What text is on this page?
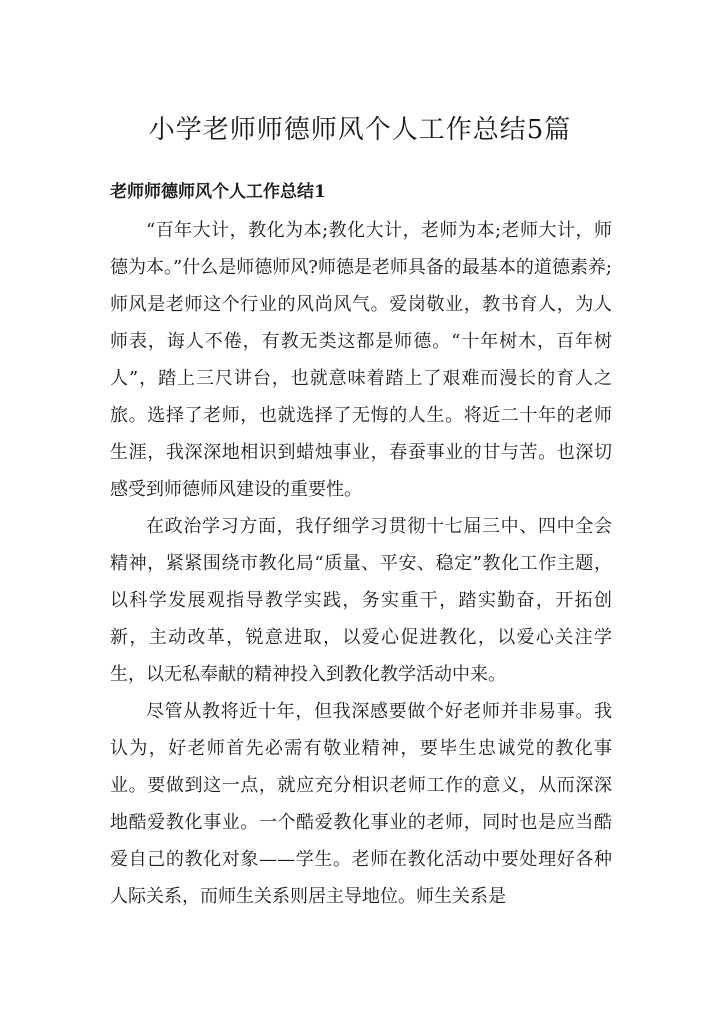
小学老师师德师风个人工作总结5篇
老师师德师风个人工作总结1

“百年大计，教化为本;教化大计，老师为本;老师大计，师德为本。”什么是师德师风?师德是老师具备的最基本的道德素养;师风是老师这个行业的风尚风气。爱岗敬业，教书育人，为人师表，诲人不倦，有教无类这都是师德。“十年树木，百年树人”，踏上三尺讲台，也就意味着踏上了艰难而漫长的育人之旅。选择了老师，也就选择了无悔的人生。将近二十年的老师生涯，我深深地相识到蜡烛事业，春蚕事业的甘与苦。也深切感受到师德师风建设的重要性。

在政治学习方面，我仔细学习贯彻十七届三中、四中全会精神，紧紧围绕市教化局“质量、平安、稳定”教化工作主题，以科学发展观指导教学实践，务实重干，踏实勤奋，开拓创新，主动改革，锐意进取，以爱心促进教化，以爱心关注学生，以无私奉献的精神投入到教化教学活动中来。

尽管从教将近十年，但我深感要做个好老师并非易事。我认为，好老师首先必需有敬业精神，要毕生忠诚党的教化事业。要做到这一点，就应充分相识老师工作的意义，从而深深地酷爱教化事业。一个酷爱教化事业的老师，同时也是应当酷爱自己的教化对象——学生。老师在教化活动中要处理好各种人际关系，而师生关系则居主导地位。师生关系是
